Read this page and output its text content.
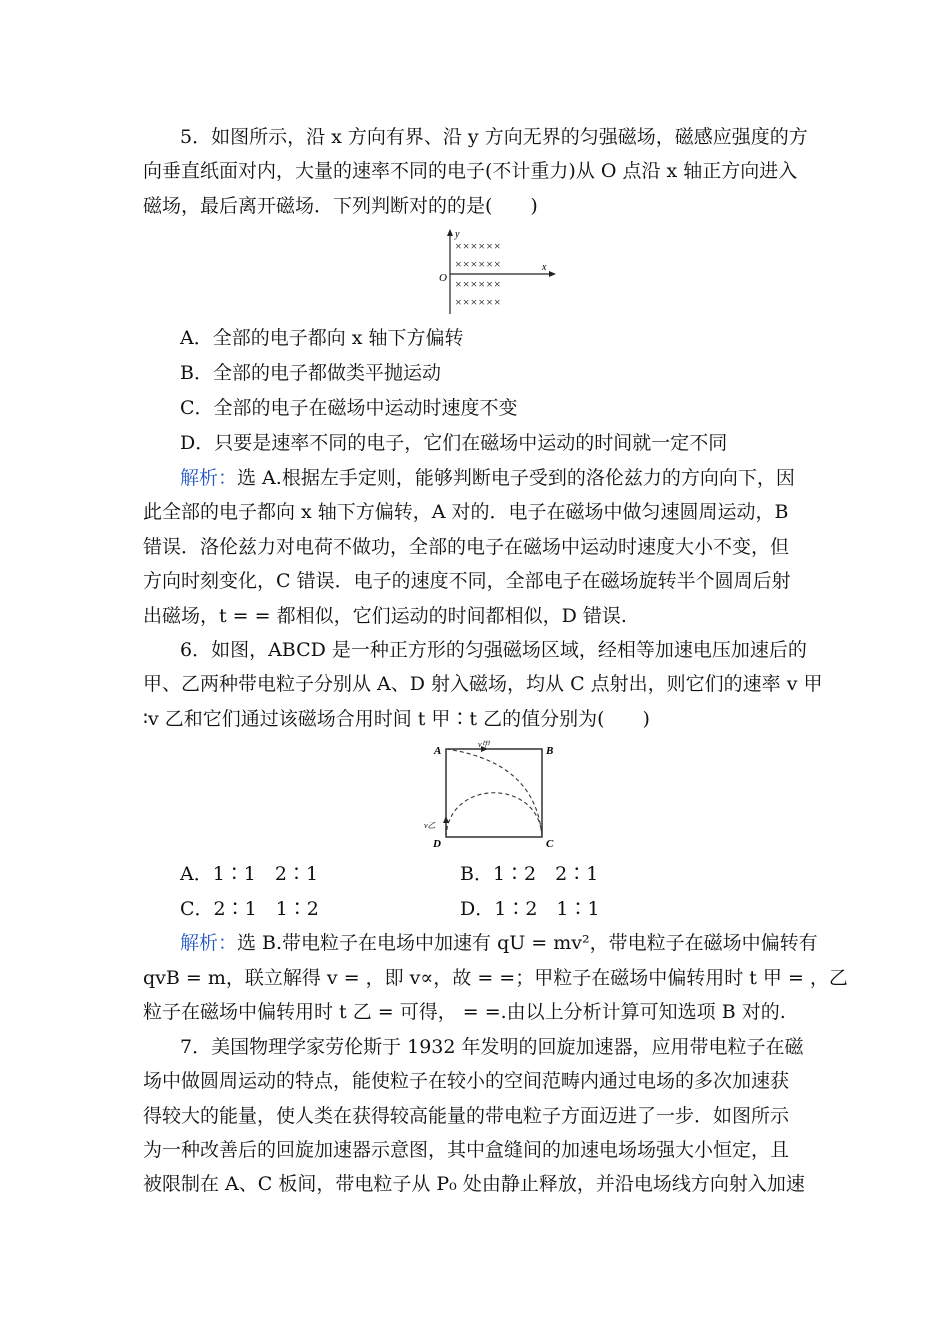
5．如图所示，沿 x 方向有界、沿 y 方向无界的匀强磁场，磁感应强度的方
向垂直纸面对内，大量的速率不同的电子(不计重力)从 O 点沿 x 轴正方向进入
磁场，最后离开磁场．下列判断对的的是(　　)
y
x
O
××××××
××××××
××××××
××××××
A．全部的电子都向 x 轴下方偏转
B．全部的电子都做类平抛运动
C．全部的电子在磁场中运动时速度不变
D．只要是速率不同的电子，它们在磁场中运动的时间就一定不同
解析：选 A.根据左手定则，能够判断电子受到的洛伦兹力的方向向下，因
此全部的电子都向 x 轴下方偏转，A 对的．电子在磁场中做匀速圆周运动，B
错误．洛伦兹力对电荷不做功，全部的电子在磁场中运动时速度大小不变，但
方向时刻变化，C 错误．电子的速度不同，全部电子在磁场旋转半个圆周后射
出磁场，t = = 都相似，它们运动的时间都相似，D 错误.
6．如图，ABCD 是一种正方形的匀强磁场区域，经相等加速电压加速后的
甲、乙两种带电粒子分别从 A、D 射入磁场，均从 C 点射出，则它们的速率 v 甲
∶v 乙和它们通过该磁场合用时间 t 甲∶t 乙的值分别为(　　)
A	B
C
D
v甲
v乙
A．1∶1　2∶1	B．1∶2　2∶1
C．2∶1　1∶2	D．1∶2　1∶1
解析：选 B.带电粒子在电场中加速有 qU = mv²，带电粒子在磁场中偏转有
qvB = m，联立解得 v = ，即 v∝，故 = =；甲粒子在磁场中偏转用时 t 甲 = ，乙
粒子在磁场中偏转用时 t 乙 = 可得， = =.由以上分析计算可知选项 B 对的.
7．美国物理学家劳伦斯于 1932 年发明的回旋加速器，应用带电粒子在磁
场中做圆周运动的特点，能使粒子在较小的空间范畴内通过电场的多次加速获
得较大的能量，使人类在获得较高能量的带电粒子方面迈进了一步．如图所示
为一种改善后的回旋加速器示意图，其中盒缝间的加速电场场强大小恒定，且
被限制在 A、C 板间，带电粒子从 P₀ 处由静止释放，并沿电场线方向射入加速
